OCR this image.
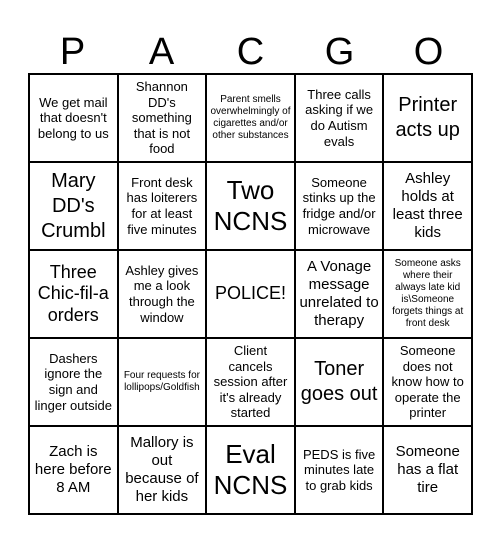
P	A	C	G	O
We get mail that doesn't belong to us
Shannon DD's something that is not food
Parent smells overwhelmingly of cigarettes and/or other substances
Three calls asking if we do Autism evals
Printer acts up
Mary DD's Crumbl
Front desk has loiterers for at least five minutes
Two NCNS
Someone stinks up the fridge and/or microwave
Ashley holds at least three kids
Three Chic-fil-a orders
Ashley gives me a look through the window
POLICE!
A Vonage message unrelated to therapy
Someone asks where their always late kid is\Someone forgets things at front desk
Dashers ignore the sign and linger outside
Four requests for lollipops/Goldfish
Client cancels session after it's already started
Toner goes out
Someone does not know how to operate the printer
Zach is here before 8 AM
Mallory is out because of her kids
Eval NCNS
PEDS is five minutes late to grab kids
Someone has a flat tire
